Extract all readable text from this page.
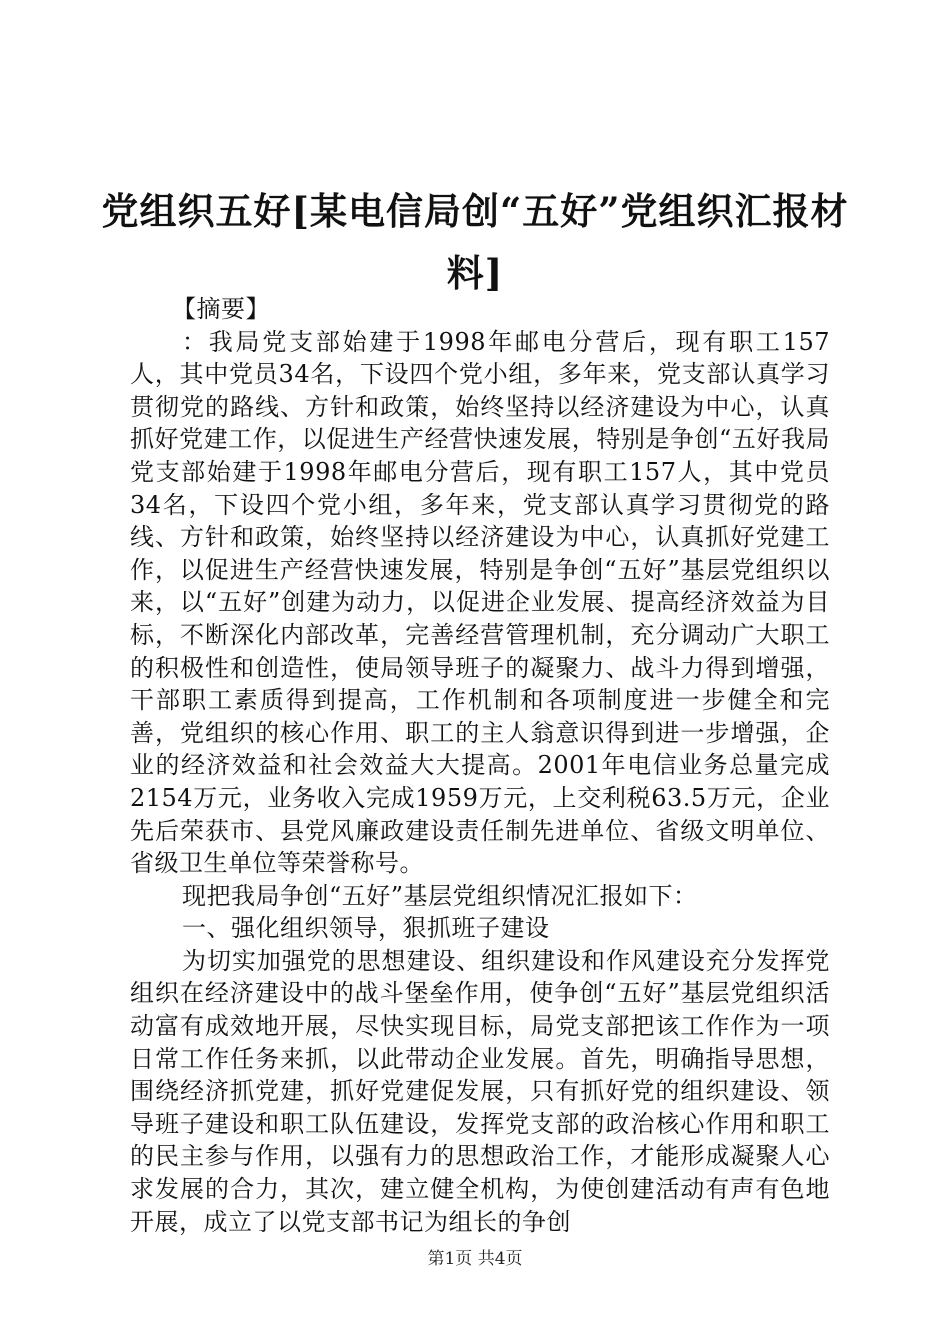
党组织五好[某电信局创“五好”党组织汇报材料]

【摘要】

：我局党支部始建于1998年邮电分营后，现有职工157人，其中党员34名，下设四个党小组，多年来，党支部认真学习贯彻党的路线、方针和政策，始终坚持以经济建设为中心，认真抓好党建工作，以促进生产经营快速发展，特别是争创“五好我局党支部始建于1998年邮电分营后，现有职工157人，其中党员34名，下设四个党小组，多年来，党支部认真学习贯彻党的路线、方针和政策，始终坚持以经济建设为中心，认真抓好党建工作，以促进生产经营快速发展，特别是争创“五好”基层党组织以来，以“五好”创建为动力，以促进企业发展、提高经济效益为目标，不断深化内部改革，完善经营管理机制，充分调动广大职工的积极性和创造性，使局领导班子的凝聚力、战斗力得到增强，干部职工素质得到提高，工作机制和各项制度进一步健全和完善，党组织的核心作用、职工的主人翁意识得到进一步增强，企业的经济效益和社会效益大大提高。2001年电信业务总量完成2154万元，业务收入完成1959万元，上交利税63.5万元，企业先后荣获市、县党风廉政建设责任制先进单位、省级文明单位、省级卫生单位等荣誉称号。

现把我局争创“五好”基层党组织情况汇报如下：

一、强化组织领导，狠抓班子建设

为切实加强党的思想建设、组织建设和作风建设充分发挥党组织在经济建设中的战斗堡垒作用，使争创“五好”基层党组织活动富有成效地开展，尽快实现目标，局党支部把该工作作为一项日常工作任务来抓，以此带动企业发展。首先，明确指导思想，围绕经济抓党建，抓好党建促发展，只有抓好党的组织建设、领导班子建设和职工队伍建设，发挥党支部的政治核心作用和职工的民主参与作用，以强有力的思想政治工作，才能形成凝聚人心求发展的合力，其次，建立健全机构，为使创建活动有声有色地开展，成立了以党支部书记为组长的争创

第1页 共4页
